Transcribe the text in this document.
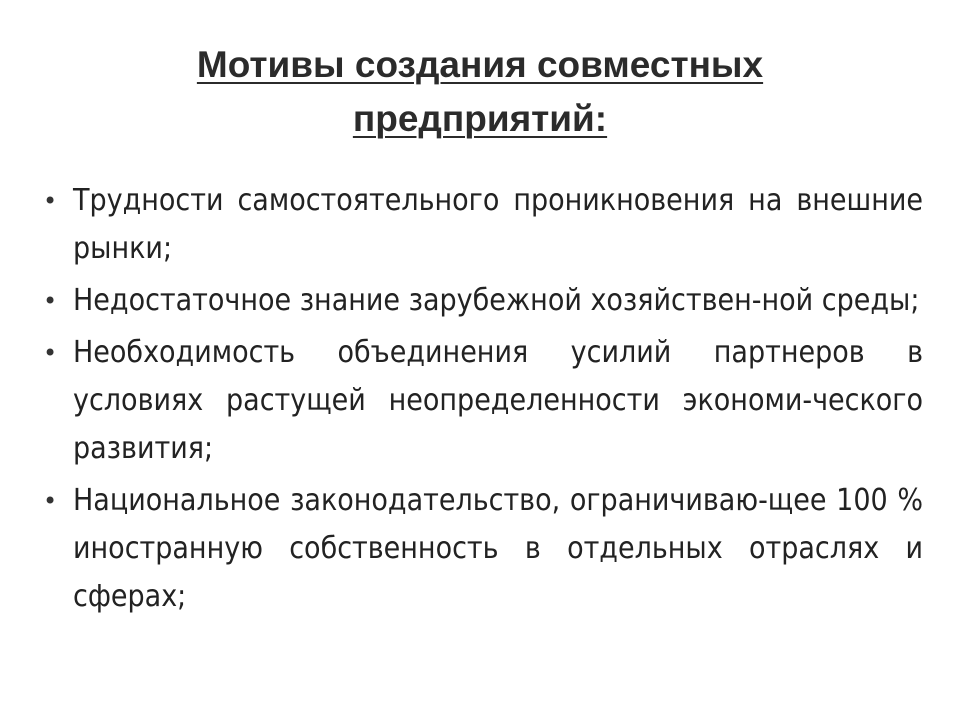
Мотивы создания совместных
предприятий:
• Трудности самостоятельного проникновения на внешние рынки;
• Недостаточное знание зарубежной хозяйствен-ной среды;
• Необходимость объединения усилий партнеров в условиях растущей неопределенности экономи-ческого развития;
• Национальное законодательство, ограничиваю-щее 100 % иностранную собственность в отдельных отраслях и сферах;
